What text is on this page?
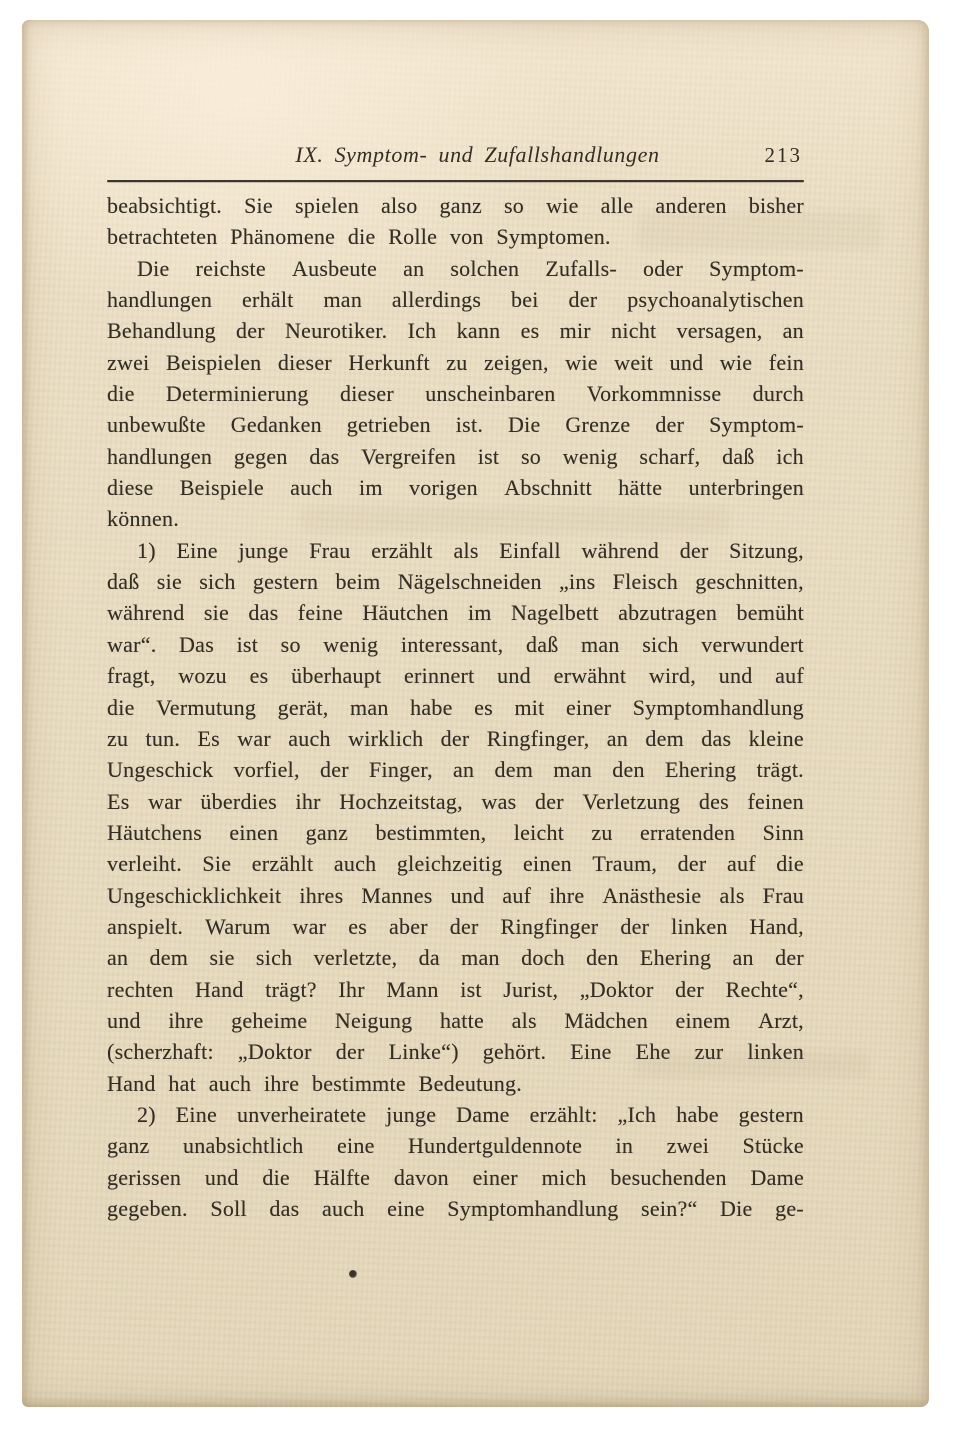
IX. Symptom- und Zufallshandlungen	213
beabsichtigt. Sie spielen also ganz so wie alle anderen bisher
betrachteten Phänomene die Rolle von Symptomen.
Die reichste Ausbeute an solchen Zufalls- oder Symptom-
handlungen erhält man allerdings bei der psychoanalytischen
Behandlung der Neurotiker. Ich kann es mir nicht versagen, an
zwei Beispielen dieser Herkunft zu zeigen, wie weit und wie fein
die Determinierung dieser unscheinbaren Vorkommnisse durch
unbewußte Gedanken getrieben ist. Die Grenze der Symptom-
handlungen gegen das Vergreifen ist so wenig scharf, daß ich
diese Beispiele auch im vorigen Abschnitt hätte unterbringen
können.
1) Eine junge Frau erzählt als Einfall während der Sitzung,
daß sie sich gestern beim Nägelschneiden „ins Fleisch geschnitten,
während sie das feine Häutchen im Nagelbett abzutragen bemüht
war“. Das ist so wenig interessant, daß man sich verwundert
fragt, wozu es überhaupt erinnert und erwähnt wird, und auf
die Vermutung gerät, man habe es mit einer Symptomhandlung
zu tun. Es war auch wirklich der Ringfinger, an dem das kleine
Ungeschick vorfiel, der Finger, an dem man den Ehering trägt.
Es war überdies ihr Hochzeitstag, was der Verletzung des feinen
Häutchens einen ganz bestimmten, leicht zu erratenden Sinn
verleiht. Sie erzählt auch gleichzeitig einen Traum, der auf die
Ungeschicklichkeit ihres Mannes und auf ihre Anästhesie als Frau
anspielt. Warum war es aber der Ringfinger der linken Hand,
an dem sie sich verletzte, da man doch den Ehering an der
rechten Hand trägt? Ihr Mann ist Jurist, „Doktor der Rechte“,
und ihre geheime Neigung hatte als Mädchen einem Arzt,
(scherzhaft: „Doktor der Linke“) gehört. Eine Ehe zur linken
Hand hat auch ihre bestimmte Bedeutung.
2) Eine unverheiratete junge Dame erzählt: „Ich habe gestern
ganz unabsichtlich eine Hundertguldennote in zwei Stücke
gerissen und die Hälfte davon einer mich besuchenden Dame
gegeben. Soll das auch eine Symptomhandlung sein?“ Die ge-
